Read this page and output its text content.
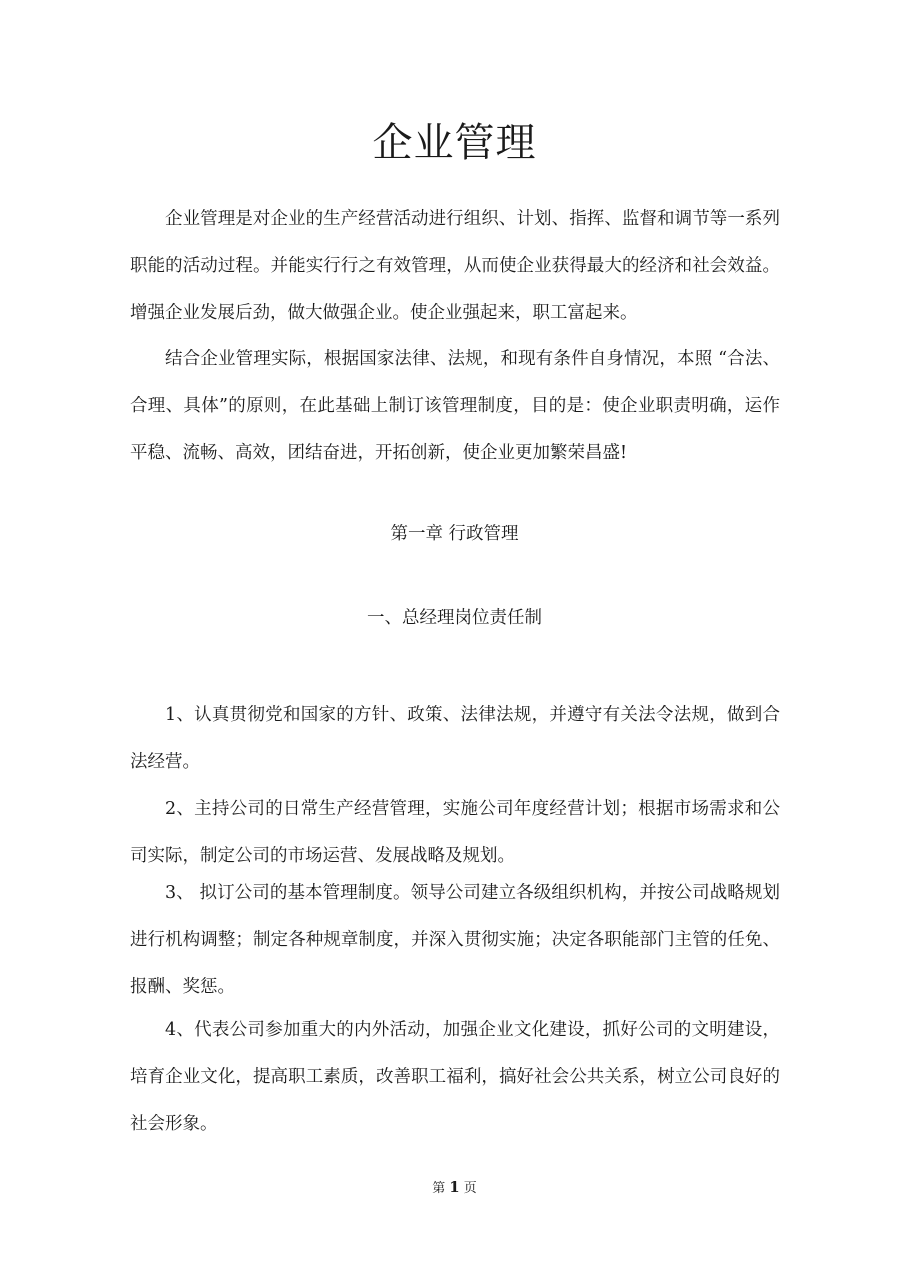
企业管理

企业管理是对企业的生产经营活动进行组织、计划、指挥、监督和调节等一系列职能的活动过程。并能实行行之有效管理，从而使企业获得最大的经济和社会效益。增强企业发展后劲，做大做强企业。使企业强起来，职工富起来。

结合企业管理实际，根据国家法律、法规，和现有条件自身情况，本照 “合法、合理、具体”的原则，在此基础上制订该管理制度，目的是：使企业职责明确，运作平稳、流畅、高效，团结奋进，开拓创新，使企业更加繁荣昌盛!

第一章 行政管理
一、总经理岗位责任制

1、认真贯彻党和国家的方针、政策、法律法规，并遵守有关法令法规，做到合法经营。

2、主持公司的日常生产经营管理，实施公司年度经营计划；根据市场需求和公司实际，制定公司的市场运营、发展战略及规划。

3、 拟订公司的基本管理制度。领导公司建立各级组织机构，并按公司战略规划进行机构调整；制定各种规章制度，并深入贯彻实施；决定各职能部门主管的任免、报酬、奖惩。

4、代表公司参加重大的内外活动，加强企业文化建设，抓好公司的文明建设，培育企业文化，提高职工素质，改善职工福利，搞好社会公共关系，树立公司良好的社会形象。

第 1 页
